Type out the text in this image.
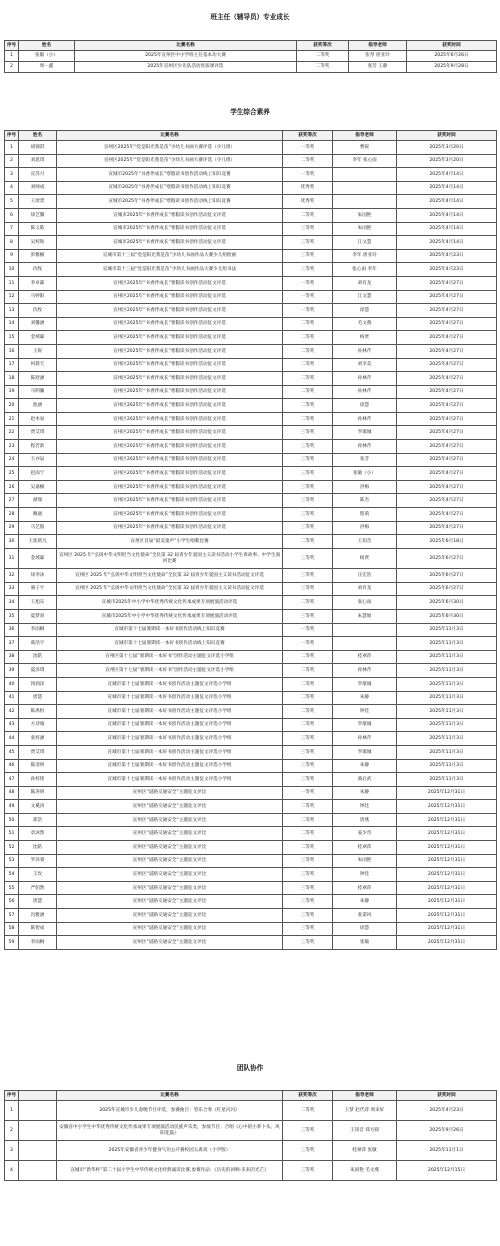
班主任（辅导员）专业成长
序号	姓名	比赛名称	获奖等次	指导老师	获奖时间
1	张敏（小）	2025年宣州区中小学班主任基本功大赛	二等奖	张琴 唐亚玲	2025年6月26日
2	周一鑫	2025年宣州区少先队活动优质课评选	二等奖	张芳 王静	2025年9月28日
学生综合素养
序号	姓名	比赛名称	获奖等次	指导老师	获奖时间
1	胡锦淇	宣州区2025年“党是阳光我是苗”少幼儿书画大赛评选（少儿组）	一等奖	曹锐	2025年3月20日
2	刘思琪	宣州区2025年“党是阳光我是苗”少幼儿书画大赛评选（少儿组）	二等奖	李年 张心雨	2025年3月20日
3	宣苏月	宣城市2025年“书香伴成长”寒假读书创作活动线上知识竞赛	一等奖		2025年4月14日
4	刘师成	宣城市2025年“书香伴成长”寒假读书创作活动线上知识竞赛	优秀奖		2025年4月14日
5	王歆萱	宣城市2025年“书香伴成长”寒假读书创作活动线上知识竞赛	优秀奖		2025年4月14日
6	徐艺馨	宣城市2025年“书香伴成长”寒假读书创作活动征文评选	二等奖	朱国艳	2025年4月14日
7	陈义皓	宣城市2025年“书香伴成长”寒假读书创作活动征文评选	三等奖	朱国艳	2025年4月14日
8	吴梓和	宣城市2025年“书香伴成长”寒假读书创作活动征文评选	三等奖	江文慧	2025年4月14日
9	彭雅楠	宣城市第十三届“党是阳光我是苗”少幼儿书画作品大赛少儿组绘画	三等奖	李年 唐亚玲	2025年4月23日
10	仇牧	宣城市第十三届“党是阳光我是苗”少幼儿书画作品大赛少儿组书法	三等奖	张心雨 李年	2025年4月23日
11	李卓霖	宣州区2025年“书香伴成长”寒假读书创作活动征文评选	一等奖	刘有龙	2025年4月27日
12	马婷阳	宣州区2025年“书香伴成长”寒假读书创作活动征文评选	一等奖	江文慧	2025年4月27日
13	仇牧	宣州区2025年“书香伴成长”寒假读书创作活动征文评选	一等奖	徐慧	2025年4月27日
14	刘馨涵	宣州区2025年“书香伴成长”寒假读书创作活动征文评选	二等奖	毛文燕	2025年4月27日
15	金域霖	宣州区2025年“书香伴成长”寒假读书创作活动征文评选	二等奖	杨贤	2025年4月27日
16	王锐	宣州区2025年“书香伴成长”寒假读书创作活动征文评选	二等奖	孙林芹	2025年4月27日
17	何晨天	宣州区2025年“书香伴成长”寒假读书创作活动征文评选	二等奖	刘幸美	2025年4月27日
18	陈舒涵	宣州区2025年“书香伴成长”寒假读书创作活动征文评选	二等奖	孙林芹	2025年4月27日
19	马明瀚	宣州区2025年“书香伴成长”寒假读书创作活动征文评选	二等奖	孙林芹	2025年4月27日
20	池涵	宣州区2025年“书香伴成长”寒假读书创作活动征文评选	二等奖	徐慧	2025年4月27日
21	赵木易	宣州区2025年“书香伴成长”寒假读书创作活动征文评选	二等奖	孙林芹	2025年4月27日
22	贾艾琪	宣州区2025年“书香伴成长”寒假读书创作活动征文评选	三等奖	罗康城	2025年4月27日
23	程若歆	宣州区2025年“书香伴成长”寒假读书创作活动征文评选	三等奖	孙林芹	2025年4月27日
24	王亦辰	宣州区2025年“书香伴成长”寒假读书创作活动征文评选	三等奖	张芳	2025年4月27日
25	赵雨宁	宣州区2025年“书香伴成长”寒假读书创作活动征文评选	三等奖	张敏（小）	2025年4月27日
26	吴嘉楠	宣州区2025年“书香伴成长”寒假读书创作活动征文评选	三等奖	洪梅	2025年4月27日
27	颜瑞	宣州区2025年“书香伴成长”寒假读书创作活动征文评选	三等奖	陈杰	2025年4月27日
28	鲍通	宣州区2025年“书香伴成长”寒假读书创作活动征文评选	三等奖	程萌	2025年4月27日
29	马艺殷	宣州区2025年“书香伴成长”寒假读书创作活动征文评选	三等奖	洪梅	2025年4月27日
30	王焦铭凡	宣州区首届“最美童声”小学生唱歌比赛	二等奖	王知音	2025年6月18日
31	金域霖	宣州区 2025 年“弘扬中华文明担当文化使命”全民第 32 届青少年爱国主义读书活动小学生讲故事、中学生演讲比赛	三等奖	杨贤	2025年6月27日
32	徐李沐	宣州区 2025 年“弘扬中华文明担当文化使命”全民第 32 届青少年爱国主义读书活动征文评选	三等奖	汪宏浩	2025年6月27日
33	骆子宇	宣州区 2025 年“弘扬中华文明担当文化使命”全民第 32 届青少年爱国主义读书活动征文评选	三等奖	刘有龙	2025年6月27日
34	王旭东	宣城市2025年中小学中华优秀传统文化传承成果专项展演活动评选	二等奖	张心雨	2025年6月30日
35	夏梦羽	宣城市2025年中小学中华优秀传统文化传承成果专项展演活动评选	三等奖	朱慧娟	2025年6月30日
36	李雨桐	宣城市第十七届暑期读一本好书创作活动线上知识竞赛	一等奖		2025年11月3日
37	葛浩宇	宣城市第十七届暑期读一本好书创作活动线上知识竞赛	一等奖		2025年11月3日
38	沈皓	宣州区第十七届“暑期读一本好书”创作活动主题征文评选小学组	二等奖	桂翠萍	2025年11月3日
39	夏泽琪	宣州区第十七届“暑期读一本好书”创作活动主题征文评选小学组	二等奖	孙林芹	2025年11月3日
40	汤润泽	宣城市第十七届暑期读一本好书创作活动主题征文评选小学组	二等奖	罗康城	2025年11月3日
41	唐慧	宣城市第十七届暑期读一本好书创作活动主题征文评选小学组	二等奖	朱静	2025年11月3日
42	陈禹恒	宣城市第十七届暑期读一本好书创作活动主题征文评选小学组	二等奖	钟廷	2025年11月3日
43	方诗瑜	宣城市第十七届暑期读一本好书创作活动主题征文评选小学组	二等奖	罗康城	2025年11月3日
44	张梓涵	宣城市第十七届暑期读一本好书创作活动主题征文评选小学组	三等奖	孙林芹	2025年11月3日
45	贾艾琪	宣城市第十七届暑期读一本好书创作活动主题征文评选小学组	三等奖	罗康城	2025年11月3日
46	陈清妍	宣城市第十七届暑期读一本好书创作活动主题征文评选小学组	三等奖	朱静	2025年11月3日
47	孙梓铭	宣城市第十七届暑期读一本好书创作活动主题征文评选小学组	三等奖	骆后武	2025年11月3日
48	陈涛妍	宣州区“道路交通安全”主题征文评比	一等奖	朱静	2025年12月31日
49	文奚涛	宣州区“道路交通安全”主题征文评比	二等奖	钟廷	2025年12月31日
50	郑浩	宣州区“道路交通安全”主题征文评比	二等奖	唐燕	2025年12月31日
51	章沐然	宣州区“道路交通安全”主题征文评比	二等奖	姜少奇	2025年12月31日
52	沈皓	宣州区“道路交通安全”主题征文评比	二等奖	桂翠萍	2025年12月31日
53	罗泽睿	宣州区“道路交通安全”主题征文评比	三等奖	朱国艳	2025年12月31日
54	王玫	宣州区“道路交通安全”主题征文评比	三等奖	钟廷	2025年12月31日
55	严绍然	宣州区“道路交通安全”主题征文评比	三等奖	桂翠萍	2025年12月31日
56	唐慧	宣州区“道路交通安全”主题征文评比	三等奖	朱静	2025年12月31日
57	冯雅涵	宣州区“道路交通安全”主题征文评比	三等奖	张诺风	2025年12月31日
58	陈智成	宣州区“道路交通安全”主题征文评比	三等奖	徐慧	2025年12月31日
59	李雨桐	宣州区“道路交通安全”主题征文评比	三等奖	张敏	2025年12月31日
团队协作
序号		比赛名称	获奖等次	指导老师	获奖时间
1		2025年宣城市少儿春晚节目评选，参赛曲目：管乐合奏《红星闪闪》	二等奖	王梦 赵代萍 周来好	2025年4月23日
2		安徽省中小学生中华优秀传统文化传承成果专项展演活动民族声乐类，参演节目：合唱《心中的小萝卜头、风阳花鼓》	三等奖	王知音 郑方圆	2025年9月26日
3		2025年安徽省青少年健身气功公开赛校园五禽戏（小学版）	三等奖	桂翠萍 张敏	2025年11月1日
4		宣城市“新华杯”第二十届小学生中华传统文化经典诵读比赛,参赛作品：《历史的回响·未来的光芒》	三等奖	朱国艳 毛文燕	2025年12月15日
